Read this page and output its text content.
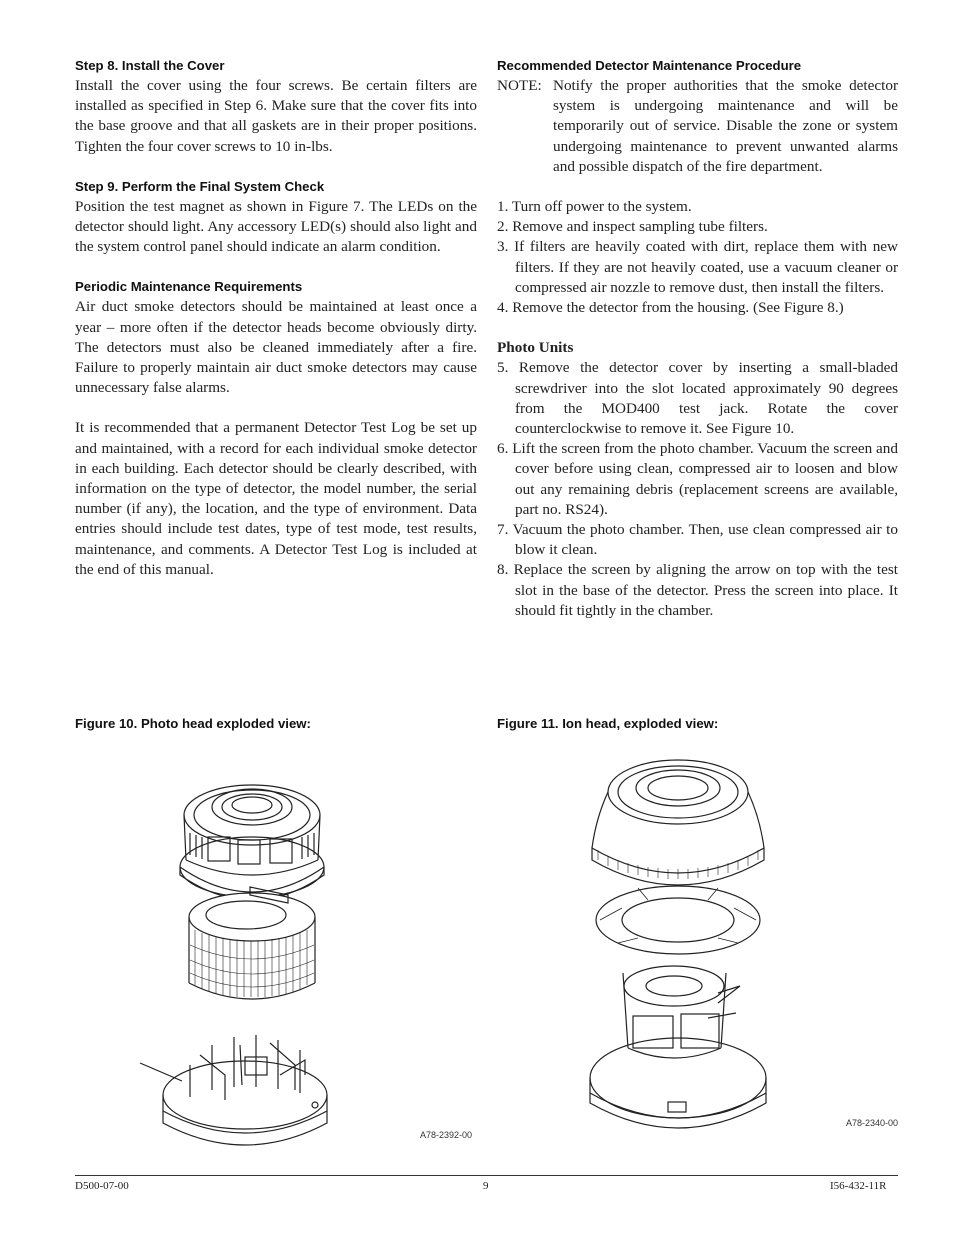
Step 8. Install the Cover

Install the cover using the four screws. Be certain filters are installed as specified in Step 6. Make sure that the cover fits into the base groove and that all gaskets are in their proper positions. Tighten the four cover screws to 10 in-lbs.

Step 9. Perform the Final System Check

Position the test magnet as shown in Figure 7. The LEDs on the detector should light. Any accessory LED(s) should also light and the system control panel should indicate an alarm condition.

Periodic Maintenance Requirements

Air duct smoke detectors should be maintained at least once a year – more often if the detector heads become obviously dirty. The detectors must also be cleaned immediately after a fire. Failure to properly maintain air duct smoke detectors may cause unnecessary false alarms.

It is recommended that a permanent Detector Test Log be set up and maintained, with a record for each individual smoke detector in each building. Each detector should be clearly described, with information on the type of detector, the model number, the serial number (if any), the location, and the type of environment. Data entries should include test dates, type of test mode, test results, maintenance, and comments. A Detector Test Log is included at the end of this manual.

Recommended Detector Maintenance Procedure
NOTE: Notify the proper authorities that the smoke detector system is undergoing maintenance and will be temporarily out of service. Disable the zone or system undergoing maintenance to prevent unwanted alarms and possible dispatch of the fire department.
1. Turn off power to the system.
2. Remove and inspect sampling tube filters.
3. If filters are heavily coated with dirt, replace them with new filters. If they are not heavily coated, use a vacuum cleaner or compressed air nozzle to remove dust, then install the filters.
4. Remove the detector from the housing. (See Figure 8.)
Photo Units
5. Remove the detector cover by inserting a small-bladed screwdriver into the slot located approximately 90 degrees from the MOD400 test jack. Rotate the cover counterclockwise to remove it. See Figure 10.
6. Lift the screen from the photo chamber. Vacuum the screen and cover before using clean, compressed air to loosen and blow out any remaining debris (replacement screens are available, part no. RS24).
7. Vacuum the photo chamber. Then, use clean compressed air to blow it clean.
8. Replace the screen by aligning the arrow on top with the test slot in the base of the detector. Press the screen into place. It should fit tightly in the chamber.
Figure 10. Photo head exploded view:	Figure 11. Ion head, exploded view:
A78-2392-00
A78-2340-00
D500-07-00	9	I56-432-11R
